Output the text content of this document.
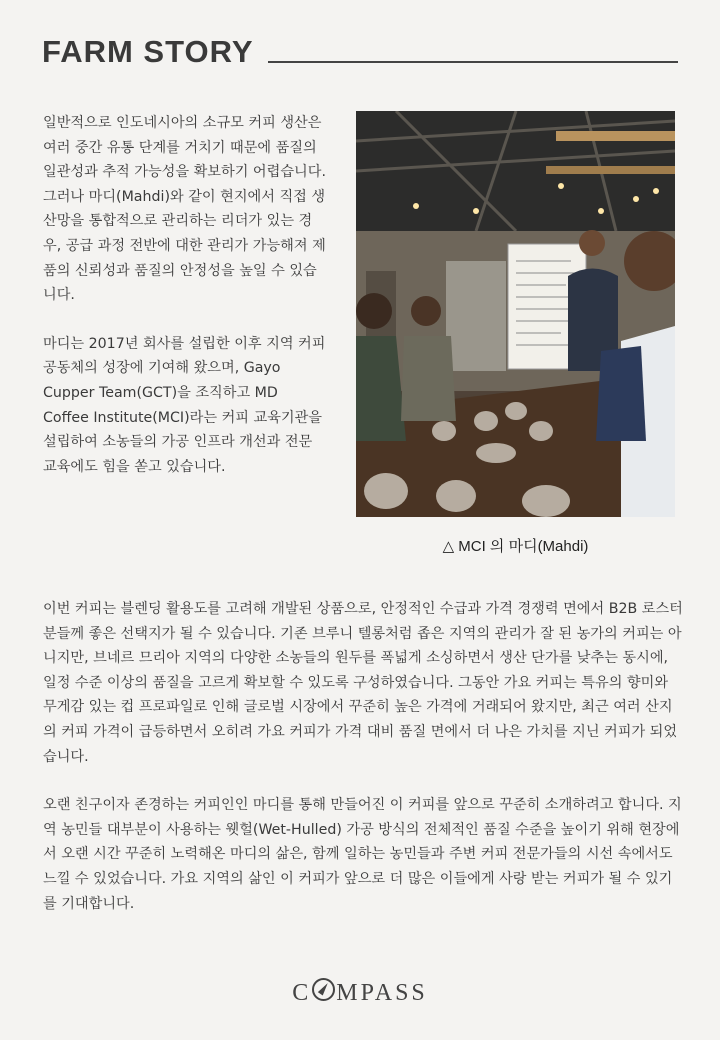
FARM STORY

일반적으로 인도네시아의 소규모 커피 생산은 여러 중간 유통 단계를 거치기 때문에 품질의 일관성과 추적 가능성을 확보하기 어렵습니다. 그러나 마디(Mahdi)와 같이 현지에서 직접 생산망을 통합적으로 관리하는 리더가 있는 경우, 공급 과정 전반에 대한 관리가 가능해져 제품의 신뢰성과 품질의 안정성을 높일 수 있습니다.

마디는 2017년 회사를 설립한 이후 지역 커피 공동체의 성장에 기여해 왔으며, Gayo Cupper Team(GCT)을 조직하고 MD Coffee Institute(MCI)라는 커피 교육기관을 설립하여 소농들의 가공 인프라 개선과 전문 교육에도 힘을 쏟고 있습니다.

△ MCI 의 마디(Mahdi)

이번 커피는 블렌딩 활용도를 고려해 개발된 상품으로, 안정적인 수급과 가격 경쟁력 면에서 B2B 로스터 분들께 좋은 선택지가 될 수 있습니다. 기존 브루니 텔롱처럼 좁은 지역의 관리가 잘 된 농가의 커피는 아니지만, 브네르 므리아 지역의 다양한 소농들의 원두를 폭넓게 소싱하면서 생산 단가를 낮추는 동시에, 일정 수준 이상의 품질을 고르게 확보할 수 있도록 구성하였습니다. 그동안 가요 커피는 특유의 향미와 무게감 있는 컵 프로파일로 인해 글로벌 시장에서 꾸준히 높은 가격에 거래되어 왔지만, 최근 여러 산지의 커피 가격이 급등하면서 오히려 가요 커피가 가격 대비 품질 면에서 더 나은 가치를 지닌 커피가 되었습니다.

오랜 친구이자 존경하는 커피인인 마디를 통해 만들어진 이 커피를 앞으로 꾸준히 소개하려고 합니다. 지역 농민들 대부분이 사용하는 웻헐(Wet-Hulled) 가공 방식의 전체적인 품질 수준을 높이기 위해 현장에서 오랜 시간 꾸준히 노력해온 마디의 삶은, 함께 일하는 농민들과 주변 커피 전문가들의 시선 속에서도 느낄 수 있었습니다. 가요 지역의 삶인 이 커피가 앞으로 더 많은 이들에게 사랑 받는 커피가 될 수 있기를 기대합니다.

C MPASS
